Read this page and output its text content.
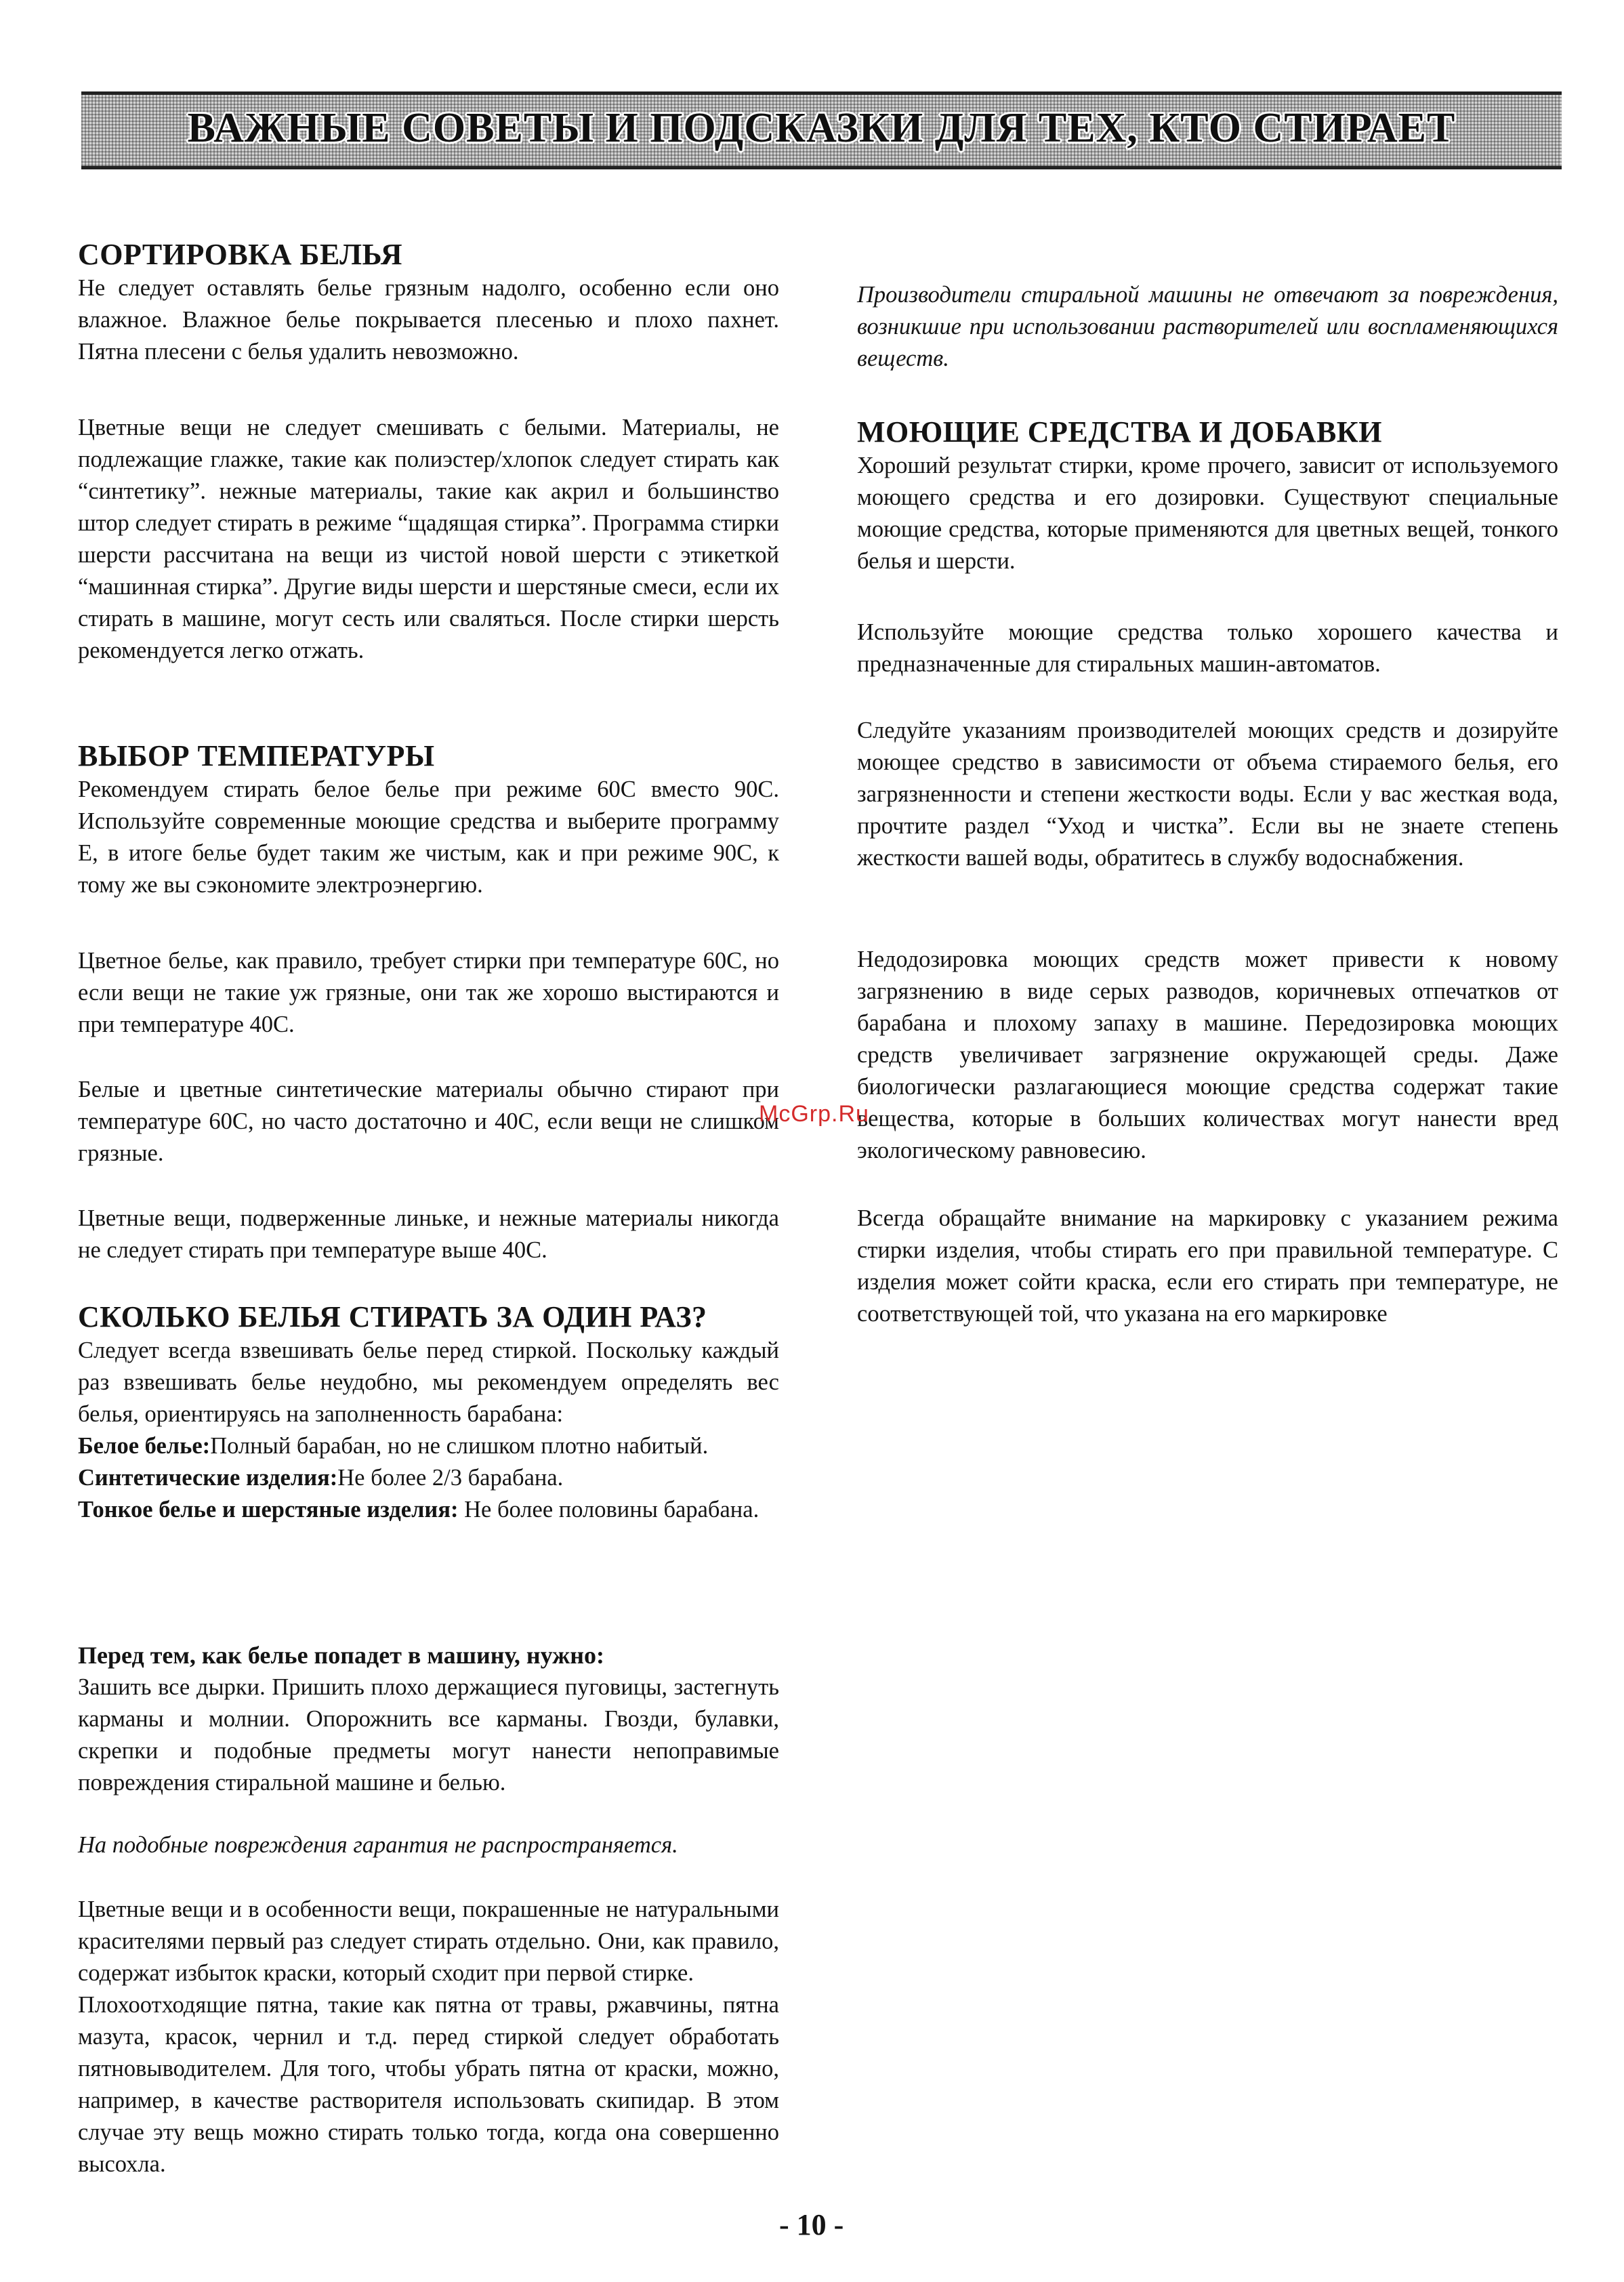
ВАЖНЫЕ СОВЕТЫ И ПОДСКАЗКИ ДЛЯ ТЕХ, КТО СТИРАЕТ
СОРТИРОВКА БЕЛЬЯ

Не следует оставлять белье грязным надолго, особенно если оно влажное. Влажное белье покрывается плесенью и плохо пахнет. Пятна плесени с белья удалить невозможно.

Цветные вещи не следует смешивать с белыми. Материалы, не подлежащие глажке, такие как полиэстер/хлопок следует стирать как “синтетику”. нежные материалы, такие как акрил и большинство штор следует стирать в режиме “щадящая стирка”. Программа стирки шерсти рассчитана на вещи из чистой новой шерсти с этикеткой “машинная стирка”. Другие виды шерсти и шерстяные смеси, если их стирать в машине, могут сесть или сваляться. После стирки шерсть рекомендуется легко отжать.

ВЫБОР ТЕМПЕРАТУРЫ

Рекомендуем стирать белое белье при режиме 60С вместо 90С. Используйте современные моющие средства и выберите программу Е, в итоге белье будет таким же чистым, как и при режиме 90С, к тому же вы сэкономите электроэнергию.

Цветное белье, как правило, требует стирки при температуре 60С, но если вещи не такие уж грязные, они так же хорошо выстираются и при температуре 40С.

Белые и цветные синтетические материалы обычно стирают при температуре 60С, но часто достаточно и 40С, если вещи не слишком грязные.

Цветные вещи, подверженные линьке, и нежные материалы никогда не следует стирать при температуре выше 40С.

СКОЛЬКО БЕЛЬЯ СТИРАТЬ ЗА ОДИН РАЗ?

Следует всегда взвешивать белье перед стиркой. Поскольку каждый раз взвешивать белье неудобно, мы рекомендуем определять вес белья, ориентируясь на заполненность барабана:

Белое белье:Полный барабан, но не слишком плотно набитый.

Синтетические изделия:Не более 2/3 барабана.

Тонкое белье и шерстяные изделия: Не более половины барабана.

Перед тем, как белье попадет в машину, нужно:

Зашить все дырки. Пришить плохо держащиеся пуговицы, застегнуть карманы и молнии. Опорожнить все карманы. Гвозди, булавки, скрепки и подобные предметы могут нанести непоправимые повреждения стиральной машине и белью.

На подобные повреждения гарантия не распространяется.

Цветные вещи и в особенности вещи, покрашенные не натуральными красителями первый раз следует стирать отдельно. Они, как правило, содержат избыток краски, который сходит при первой стирке.

Плохоотходящие пятна, такие как пятна от травы, ржавчины, пятна мазута, красок, чернил и т.д. перед стиркой следует обработать пятновыводителем. Для того, чтобы убрать пятна от краски, можно, например, в качестве растворителя использовать скипидар. В этом случае эту вещь можно стирать только тогда, когда она совершенно высохла.

Производители стиральной машины не отвечают за повреждения, возникшие при использовании растворителей или воспламеняющихся веществ.

МОЮЩИЕ СРЕДСТВА И ДОБАВКИ

Хороший результат стирки, кроме прочего, зависит от используемого моющего средства и его дозировки. Существуют специальные моющие средства, которые применяются для цветных вещей, тонкого белья и шерсти.

Используйте моющие средства только хорошего качества и предназначенные для стиральных машин-автоматов.

Следуйте указаниям производителей моющих средств и дозируйте моющее средство в зависимости от объема стираемого белья, его загрязненности и степени жесткости воды. Если у вас жесткая вода, прочтите раздел “Уход и чистка”. Если вы не знаете степень жесткости вашей воды, обратитесь в службу водоснабжения.

Недодозировка моющих средств может привести к новому загрязнению в виде серых разводов, коричневых отпечатков от барабана и плохому запаху в машине. Передозировка моющих средств увеличивает загрязнение окружающей среды. Даже биологически разлагающиеся моющие средства содержат такие вещества, которые в больших количествах могут нанести вред экологическому равновесию.

Всегда обращайте внимание на маркировку с указанием режима стирки изделия, чтобы стирать его при правильной температуре. С изделия может сойти краска, если его стирать при температуре, не соответствующей той, что указана на его маркировке

McGrp.Ru
- 10 -
